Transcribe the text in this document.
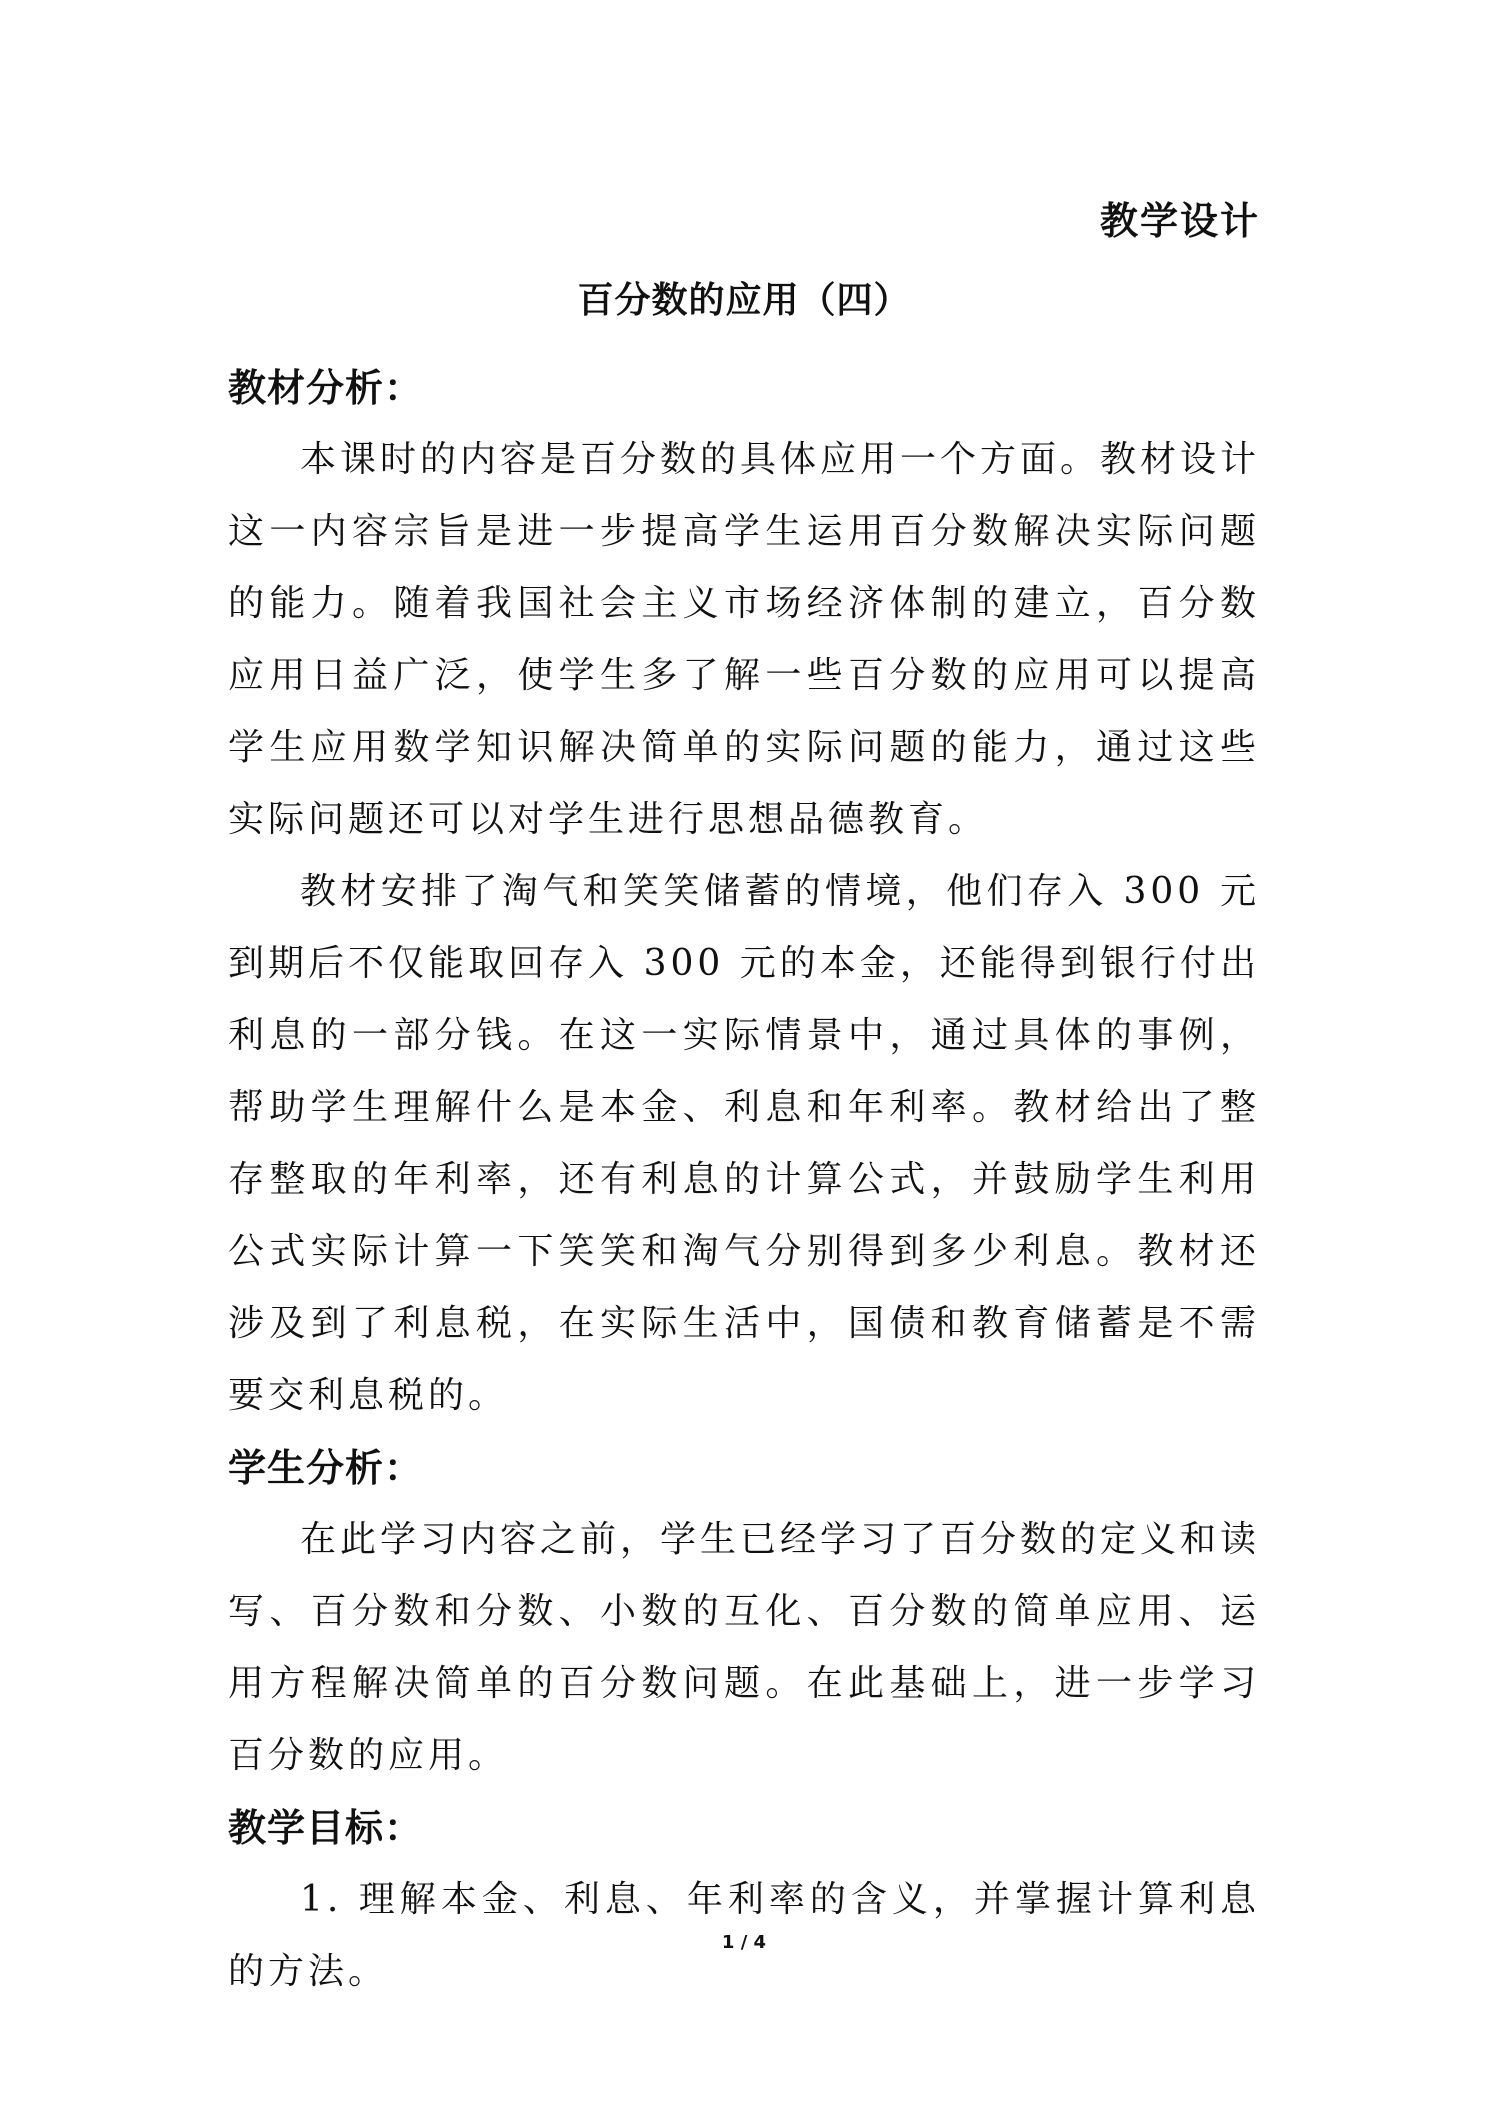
教学设计
百分数的应用（四）
教材分析：

本课时的内容是百分数的具体应用一个方面。教材设计这一内容宗旨是进一步提高学生运用百分数解决实际问题的能力。随着我国社会主义市场经济体制的建立，百分数应用日益广泛，使学生多了解一些百分数的应用可以提高学生应用数学知识解决简单的实际问题的能力，通过这些实际问题还可以对学生进行思想品德教育。

教材安排了淘气和笑笑储蓄的情境，他们存入 300 元到期后不仅能取回存入 300 元的本金，还能得到银行付出利息的一部分钱。在这一实际情景中，通过具体的事例，帮助学生理解什么是本金、利息和年利率。教材给出了整存整取的年利率，还有利息的计算公式，并鼓励学生利用公式实际计算一下笑笑和淘气分别得到多少利息。教材还涉及到了利息税，在实际生活中，国债和教育储蓄是不需要交利息税的。

学生分析：

在此学习内容之前，学生已经学习了百分数的定义和读写、百分数和分数、小数的互化、百分数的简单应用、运用方程解决简单的百分数问题。在此基础上，进一步学习百分数的应用。

教学目标：

1. 理解本金、利息、年利率的含义，并掌握计算利息的方法。

1 / 4
